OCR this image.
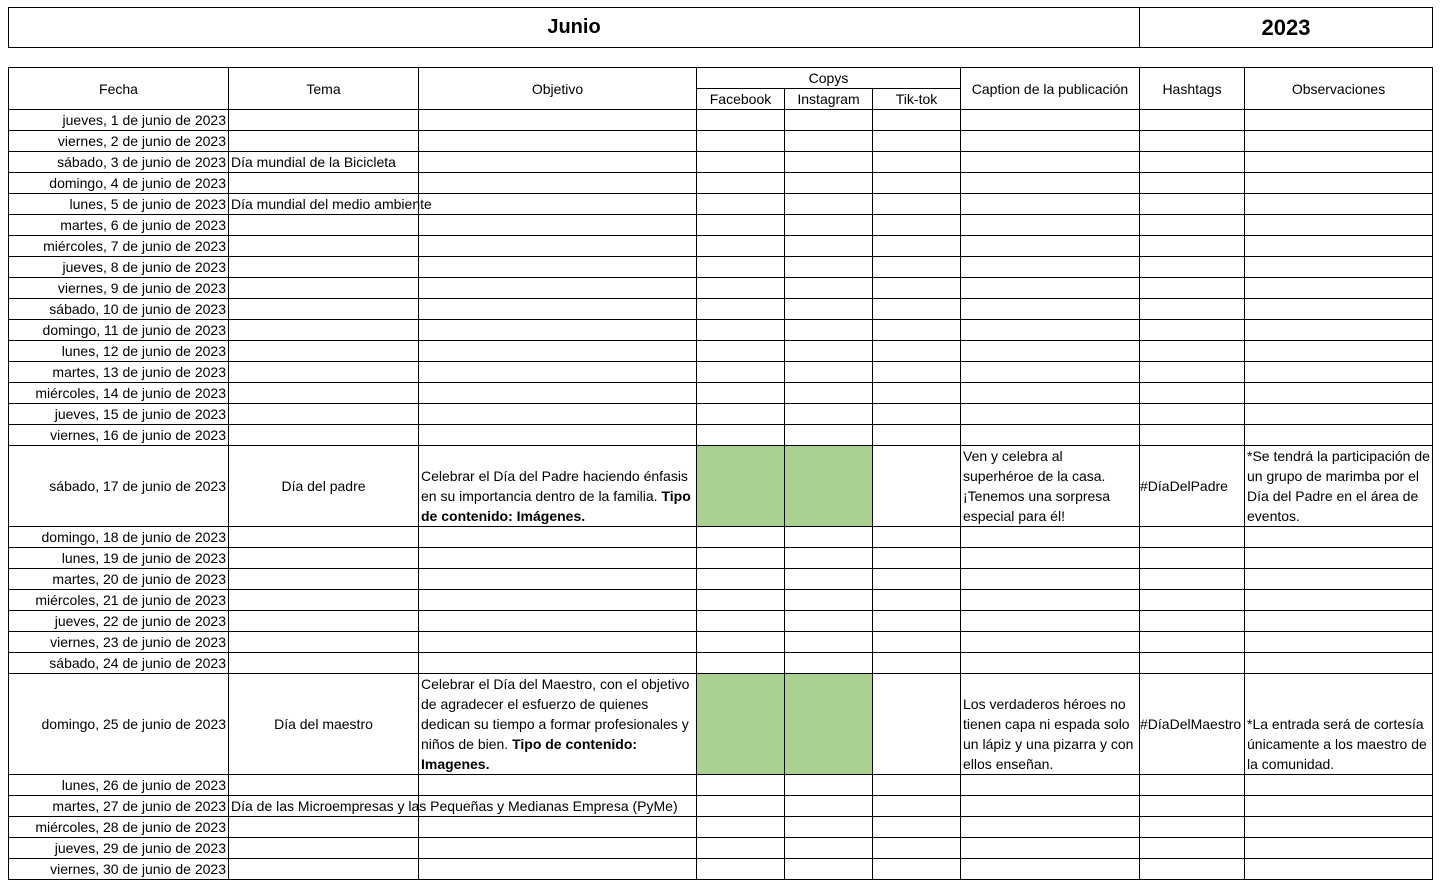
Junio	2023
Fecha	Tema	Objetivo	Copys			Caption de la publicación	Hashtags	Observaciones
			Facebook	Instagram	Tik-tok			
jueves, 1 de junio de 2023								
viernes, 2 de junio de 2023								
sábado, 3 de junio de 2023	Día mundial de la Bicicleta							

domingo, 4 de junio de 2023								
lunes, 5 de junio de 2023	Día mundial del medio ambiente							

martes, 6 de junio de 2023								
miércoles, 7 de junio de 2023								
jueves, 8 de junio de 2023								
viernes, 9 de junio de 2023								
sábado, 10 de junio de 2023								
domingo, 11 de junio de 2023								
lunes, 12 de junio de 2023								
martes, 13 de junio de 2023								
miércoles, 14 de junio de 2023								
jueves, 15 de junio de 2023								
viernes, 16 de junio de 2023								
sábado, 17 de junio de 2023	Día del padre	Celebrar el Día del Padre haciendo énfasis en su importancia dentro de la familia. Tipo de contenido: Imágenes.				Ven y celebra al superhéroe de la casa. ¡Tenemos una sorpresa especial para él!	#DíaDelPadre	*Se tendrá la participación de un grupo de marimba por el Día del Padre en el área de eventos.
domingo, 18 de junio de 2023								
lunes, 19 de junio de 2023								
martes, 20 de junio de 2023								
miércoles, 21 de junio de 2023								
jueves, 22 de junio de 2023								
viernes, 23 de junio de 2023								
sábado, 24 de junio de 2023								
domingo, 25 de junio de 2023	Día del maestro	Celebrar el Día del Maestro, con el objetivo de agradecer el esfuerzo de quienes dedican su tiempo a formar profesionales y niños de bien. Tipo de contenido: Imagenes.				Los verdaderos héroes no tienen capa ni espada solo un lápiz y una pizarra y con ellos enseñan.	#DíaDelMaestro	*La entrada será de cortesía únicamente a los maestro de la comunidad.
lunes, 26 de junio de 2023								
martes, 27 de junio de 2023	Día de las Microempresas y las Pequeñas y Medianas Empresa (PyMe)							

miércoles, 28 de junio de 2023								
jueves, 29 de junio de 2023								
viernes, 30 de junio de 2023								
